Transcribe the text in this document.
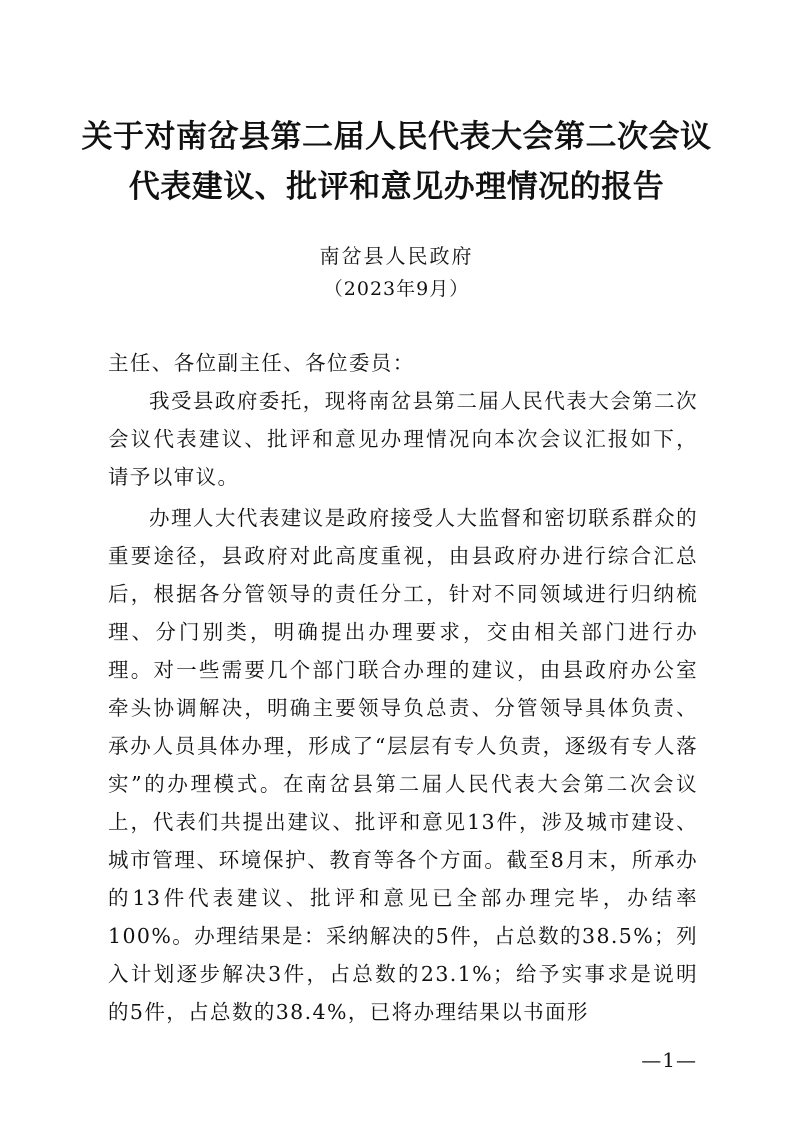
关于对南岔县第二届人民代表大会第二次会议
代表建议、批评和意见办理情况的报告
南岔县人民政府
（2023年9月）

主任、各位副主任、各位委员：

我受县政府委托，现将南岔县第二届人民代表大会第二次会议代表建议、批评和意见办理情况向本次会议汇报如下，请予以审议。

办理人大代表建议是政府接受人大监督和密切联系群众的重要途径，县政府对此高度重视，由县政府办进行综合汇总后，根据各分管领导的责任分工，针对不同领域进行归纳梳理、分门别类，明确提出办理要求，交由相关部门进行办理。对一些需要几个部门联合办理的建议，由县政府办公室牵头协调解决，明确主要领导负总责、分管领导具体负责、承办人员具体办理，形成了“层层有专人负责，逐级有专人落实”的办理模式。在南岔县第二届人民代表大会第二次会议上，代表们共提出建议、批评和意见13件，涉及城市建设、城市管理、环境保护、教育等各个方面。截至8月末，所承办的13件代表建议、批评和意见已全部办理完毕，办结率100%。办理结果是：采纳解决的5件，占总数的38.5%；列入计划逐步解决3件，占总数的23.1%；给予实事求是说明的5件，占总数的38.4%，已将办理结果以书面形

—1—
